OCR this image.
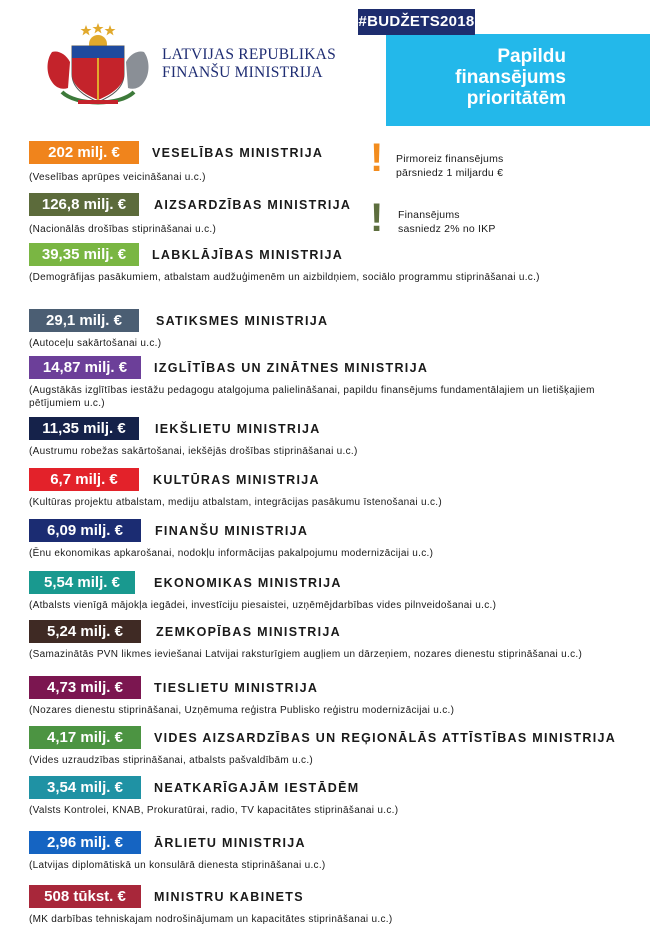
LATVIJAS REPUBLIKAS
FINANŠU MINISTRIJA
Papildu
finansējums
prioritātēm
#BUDŽETS2018
! Pirmoreiz finansējums
pārsniedz 1 miljardu €
! Finansējums
sasniedz 2% no IKP
202 milj. €	VESELĪBAS MINISTRIJA
(Veselības aprūpes veicināšanai u.c.)
126,8 milj. €	AIZSARDZĪBAS MINISTRIJA
(Nacionālās drošības stiprināšanai u.c.)
39,35 milj. €	LABKLĀJĪBAS MINISTRIJA
(Demogrāfijas pasākumiem, atbalstam audžuģimenēm un aizbildņiem, sociālo programmu stiprināšanai u.c.)
29,1 milj. €	SATIKSMES MINISTRIJA
(Autoceļu sakārtošanai u.c.)
14,87 milj. €	IZGLĪTĪBAS UN ZINĀTNES MINISTRIJA
(Augstākās izglītības iestāžu pedagogu atalgojuma palielināšanai, papildu finansējums fundamentālajiem un lietišķajiem pētījumiem u.c.)
11,35 milj. €	IEKŠLIETU MINISTRIJA
(Austrumu robežas sakārtošanai, iekšējās drošības stiprināšanai u.c.)
6,7 milj. €	KULTŪRAS MINISTRIJA
(Kultūras projektu atbalstam, mediju atbalstam, integrācijas pasākumu īstenošanai u.c.)
6,09 milj. €	FINANŠU MINISTRIJA
(Ēnu ekonomikas apkarošanai, nodokļu informācijas pakalpojumu modernizācijai u.c.)
5,54 milj. €	EKONOMIKAS MINISTRIJA
(Atbalsts vienīgā mājokļa iegādei, investīciju piesaistei, uzņēmējdarbības vides pilnveidošanai u.c.)
5,24 milj. €	ZEMKOPĪBAS MINISTRIJA
(Samazinātās PVN likmes ieviešanai Latvijai raksturīgiem augļiem un dārzeņiem, nozares dienestu stiprināšanai u.c.)
4,73 milj. €	TIESLIETU MINISTRIJA
(Nozares dienestu stiprināšanai, Uzņēmuma reģistra Publisko reģistru modernizācijai u.c.)
4,17 milj. €	VIDES AIZSARDZĪBAS UN REĢIONĀLĀS ATTĪSTĪBAS MINISTRIJA
(Vides uzraudzības stiprināšanai, atbalsts pašvaldībām u.c.)
3,54 milj. €	NEATKARĪGAJĀM IESTĀDĒM
(Valsts Kontrolei, KNAB, Prokuratūrai, radio, TV kapacitātes stiprināšanai u.c.)
2,96 milj. €	ĀRLIETU MINISTRIJA
(Latvijas diplomātiskā un konsulārā dienesta stiprināšanai u.c.)
508 tūkst. €	MINISTRU KABINETS
(MK darbības tehniskajam nodrošinājumam un kapacitātes stiprināšanai u.c.)
